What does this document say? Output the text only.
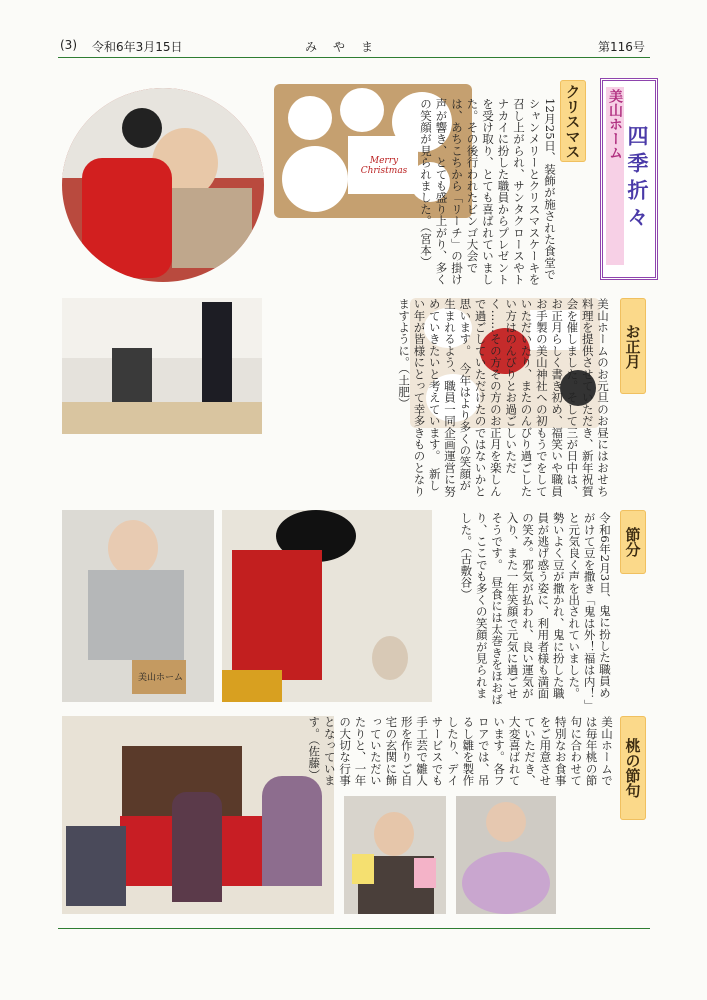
(3) 令和6年3月15日	み　や　ま	第116号
美山ホーム
四季折々
Merry Christmas
クリスマス
12月25日、装飾が施された食堂でシャンメリーとクリスマスケーキを召し上がられ、サンタクロースやトナカイに扮した職員からプレゼントを受け取り、とても喜ばれていました。その後行われたビンゴ大会では、あちこちから「リーチ」の掛け声が響き、とても盛り上がり、多くの笑顔が見られました。（宮本）
お正月
美山ホームのお元旦のお昼にはおせち料理を提供させていただき、新年祝賀会を催しました。そして三が日中は、お正月らしく書き初め、福笑いや職員お手製の美山神社への初もうでをしていただいたり、またのんびり過ごしたい方はのんびりとお過ごしいただく……その方その方のお正月を楽しんで過ごしていただけたのではないかと思います。　今年はより多くの笑顔が生まれるよう、職員一同企画運営に努めていきたいと考えています。　新しい年が皆様にとって幸多きものとなりますように。（土肥）
美山ホーム
節分
令和6年2月3日、鬼に扮した職員めがけて豆を撒き「鬼は外！福は内！」と元気良く声を出されていました。勢いよく豆が撒かれ、鬼に扮した職員が逃げ惑う姿に、利用者様も満面の笑み。邪気が払われ、良い運気が入り、また一年笑顔で元気に過ごせそうです。　昼食には太巻きをほおばり、ここでも多くの笑顔が見られました。（古敷谷）
桃の節句
美山ホームでは毎年桃の節句に合わせて特別なお食事をご用意させていただき、大変喜ばれています。各フロアでは、吊るし雛を製作したり、デイサービスでも手工芸で雛人形を作りご自宅の玄関に飾っていただいたりと、一年の大切な行事となっています。（佐藤）
